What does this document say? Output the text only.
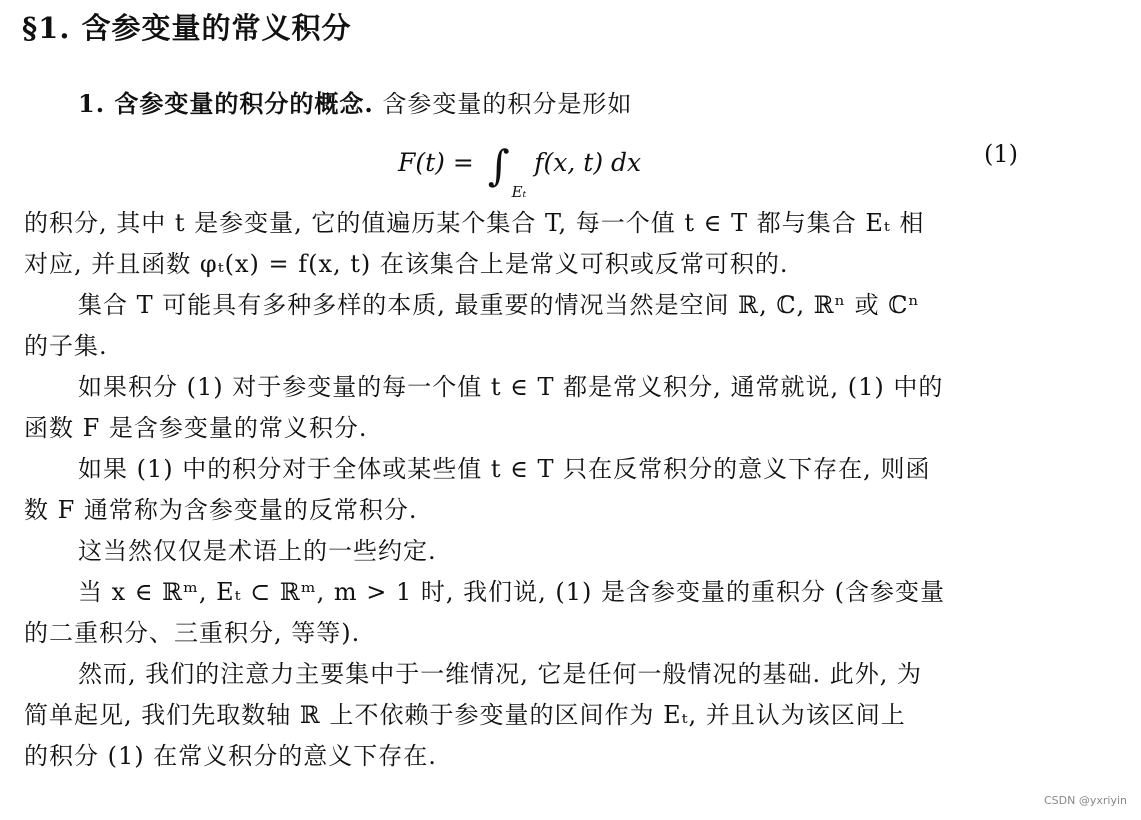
§1. 含参变量的常义积分
1. 含参变量的积分的概念. 含参变量的积分是形如
$F(t) = \int_{E_t}f(x$, t) dx	(1)
的积分, 其中 t 是参变量, 它的值遍历某个集合 T, 每一个值 t ∈ T 都与集合 Eₜ 相
对应, 并且函数 φₜ(x) = f(x, t) 在该集合上是常义可积或反常可积的.
集合 T 可能具有多种多样的本质, 最重要的情况当然是空间 ℝ, ℂ, ℝⁿ 或 ℂⁿ
的子集.
如果积分 (1) 对于参变量的每一个值 t ∈ T 都是常义积分, 通常就说, (1) 中的
函数 F 是含参变量的常义积分.
如果 (1) 中的积分对于全体或某些值 t ∈ T 只在反常积分的意义下存在, 则函
数 F 通常称为含参变量的反常积分.
这当然仅仅是术语上的一些约定.
当 x ∈ ℝᵐ, Eₜ ⊂ ℝᵐ, m > 1 时, 我们说, (1) 是含参变量的重积分 (含参变量
的二重积分、三重积分, 等等).
然而, 我们的注意力主要集中于一维情况, 它是任何一般情况的基础. 此外, 为
简单起见, 我们先取数轴 ℝ 上不依赖于参变量的区间作为 Eₜ, 并且认为该区间上
的积分 (1) 在常义积分的意义下存在.
CSDN @yxriyin
